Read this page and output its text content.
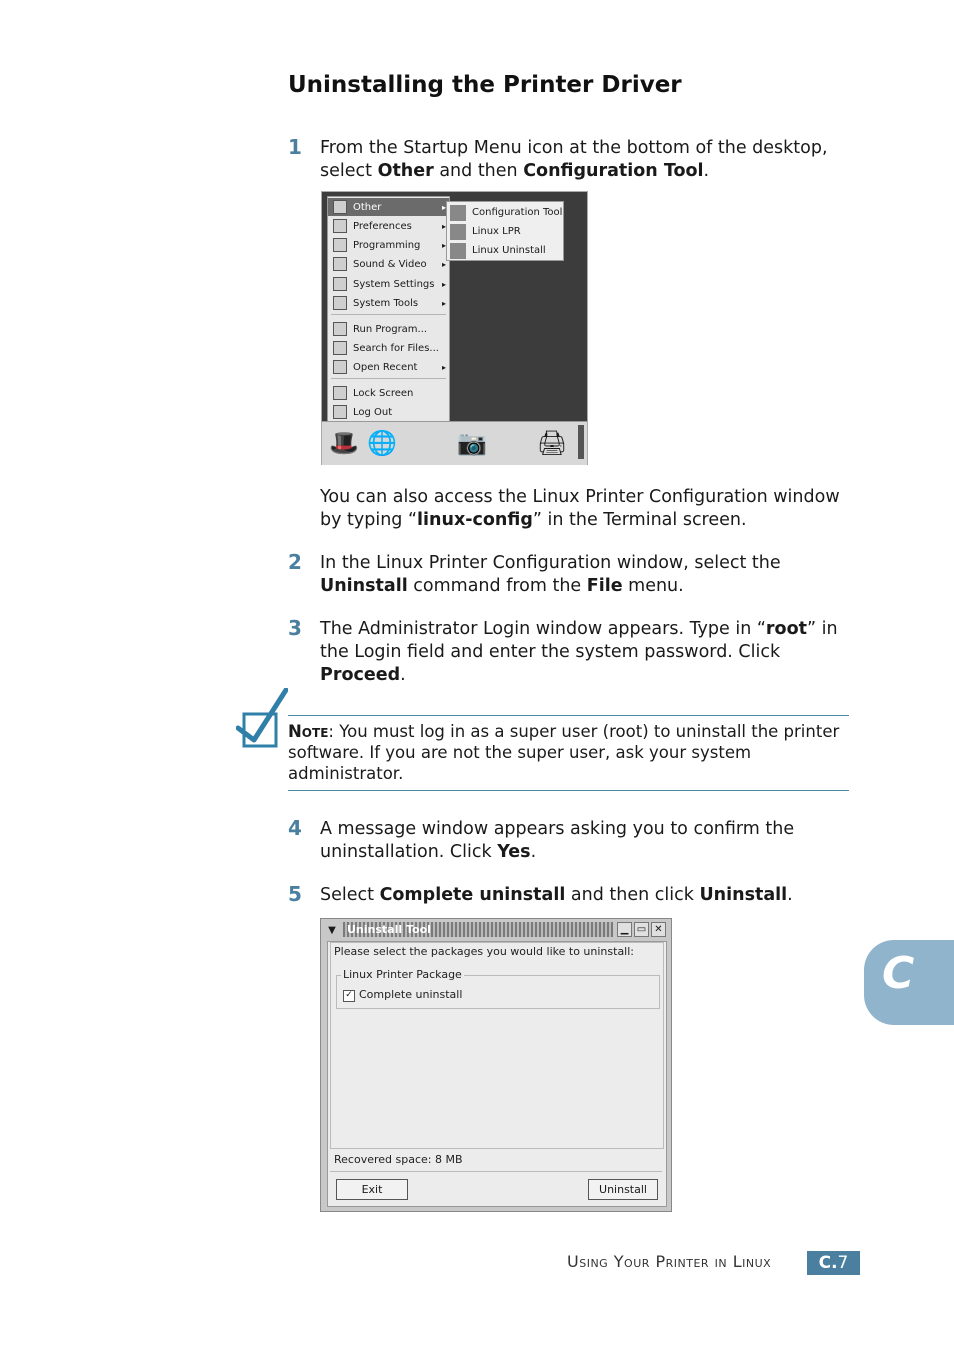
Uninstalling the Printer Driver
1 From the Startup Menu icon at the bottom of the desktop, select Other and then Configuration Tool.
Other	▸
Preferences	▸
Programming	▸
Sound & Video ▸
System Settings ▸
System Tools	▸
Run Program...
Search for Files...
Open Recent	▸
Lock Screen
Log Out
Configuration Tool
Linux LPR
Linux Uninstall
🎩 🌐	📷 🖨
You can also access the Linux Printer Configuration window by typing “linux-config” in the Terminal screen.
2 In the Linux Printer Configuration window, select the Uninstall command from the File menu.
3 The Administrator Login window appears. Type in “root” in the Login field and enter the system password. Click Proceed.
Note: You must log in as a super user (root) to uninstall the printer software. If you are not the super user, ask your system administrator.
4 A message window appears asking you to confirm the uninstallation. Click Yes.
5 Select Complete uninstall and then click Uninstall.
▼	Uninstall Tool	▁ ▭ ✕
Please select the packages you would like to uninstall:
Linux Printer Package
✓ Complete uninstall
Recovered space: 8 MB
Exit	Uninstall
C
Using Your Printer in Linux	C. 7
